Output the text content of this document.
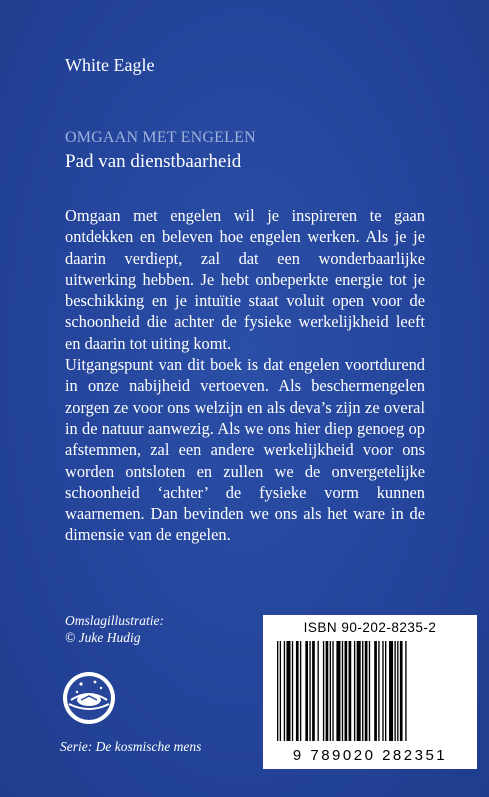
White Eagle
OMGAAN MET ENGELEN
Pad van dienstbaarheid

Omgaan met engelen wil je inspireren te gaan ontdekken en beleven hoe engelen werken. Als je je daarin verdiept, zal dat een wonderbaarlijke uitwerking hebben. Je hebt onbeperkte energie tot je beschikking en je intuïtie staat voluit open voor de schoonheid die achter de fysieke werkelijkheid leeft en daarin tot uiting komt.

Uitgangspunt van dit boek is dat engelen voortdurend in onze nabijheid vertoeven. Als beschermengelen zorgen ze voor ons welzijn en als deva’s zijn ze overal in de natuur aanwezig. Als we ons hier diep genoeg op afstemmen, zal een andere werkelijkheid voor ons worden ontsloten en zullen we de onvergetelijke schoonheid ‘achter’ de fysieke vorm kunnen waarnemen. Dan bevinden we ons als het ware in de dimensie van de engelen.

Omslagillustratie:
© Juke Hudig
Serie: De kosmische mens
ISBN 90-202-8235-2
9 789020 282351
